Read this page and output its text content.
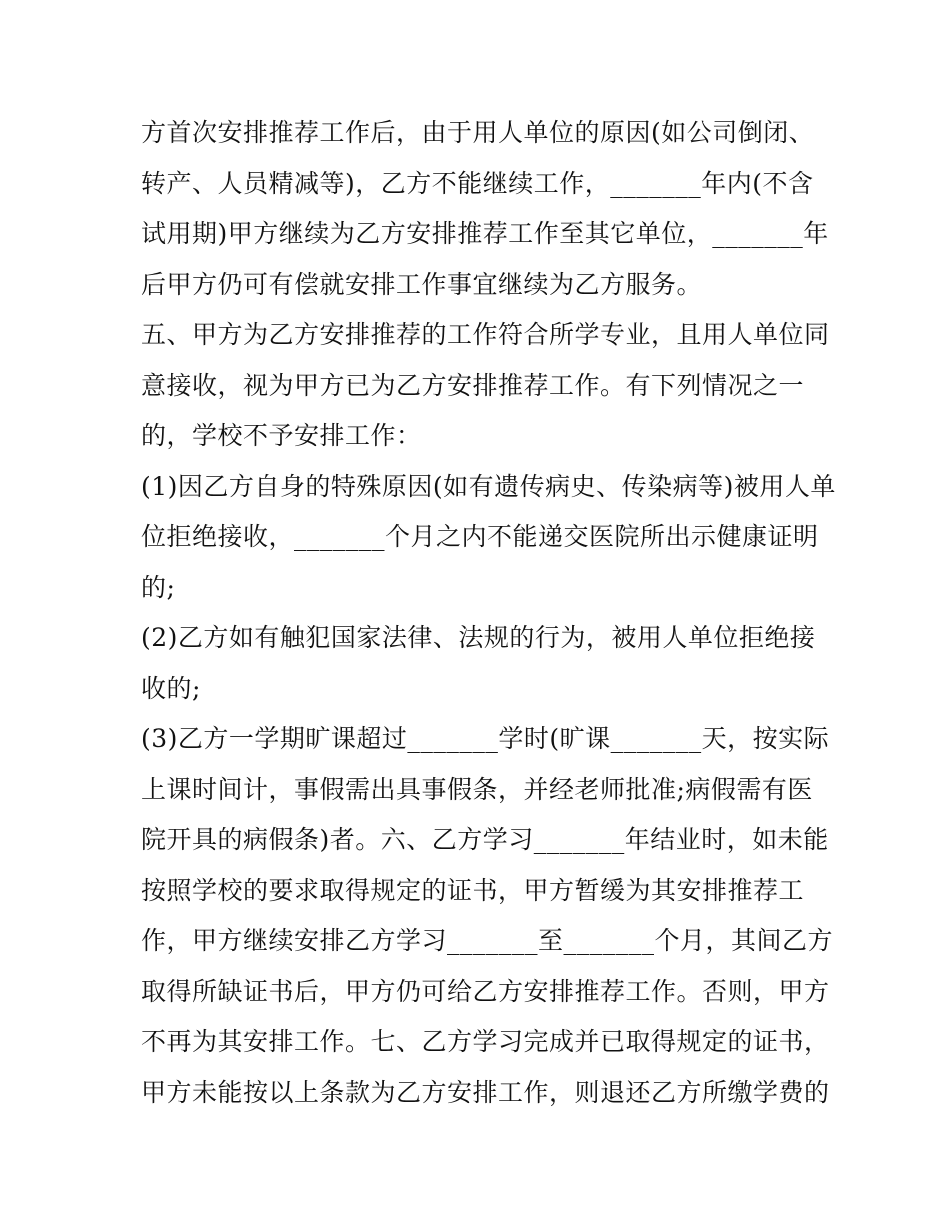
方首次安排推荐工作后，由于用人单位的原因(如公司倒闭、
转产、人员精减等)，乙方不能继续工作，_______年内(不含
试用期)甲方继续为乙方安排推荐工作至其它单位，_______年
后甲方仍可有偿就安排工作事宜继续为乙方服务。
五、甲方为乙方安排推荐的工作符合所学专业，且用人单位同
意接收，视为甲方已为乙方安排推荐工作。有下列情况之一
的，学校不予安排工作：
(1)因乙方自身的特殊原因(如有遗传病史、传染病等)被用人单
位拒绝接收，_______个月之内不能递交医院所出示健康证明
的;
(2)乙方如有触犯国家法律、法规的行为，被用人单位拒绝接
收的;
(3)乙方一学期旷课超过_______学时(旷课_______天，按实际
上课时间计，事假需出具事假条，并经老师批准;病假需有医
院开具的病假条)者。六、乙方学习_______年结业时，如未能
按照学校的要求取得规定的证书，甲方暂缓为其安排推荐工
作，甲方继续安排乙方学习_______至_______个月，其间乙方
取得所缺证书后，甲方仍可给乙方安排推荐工作。否则，甲方
不再为其安排工作。七、乙方学习完成并已取得规定的证书，
甲方未能按以上条款为乙方安排工作，则退还乙方所缴学费的
